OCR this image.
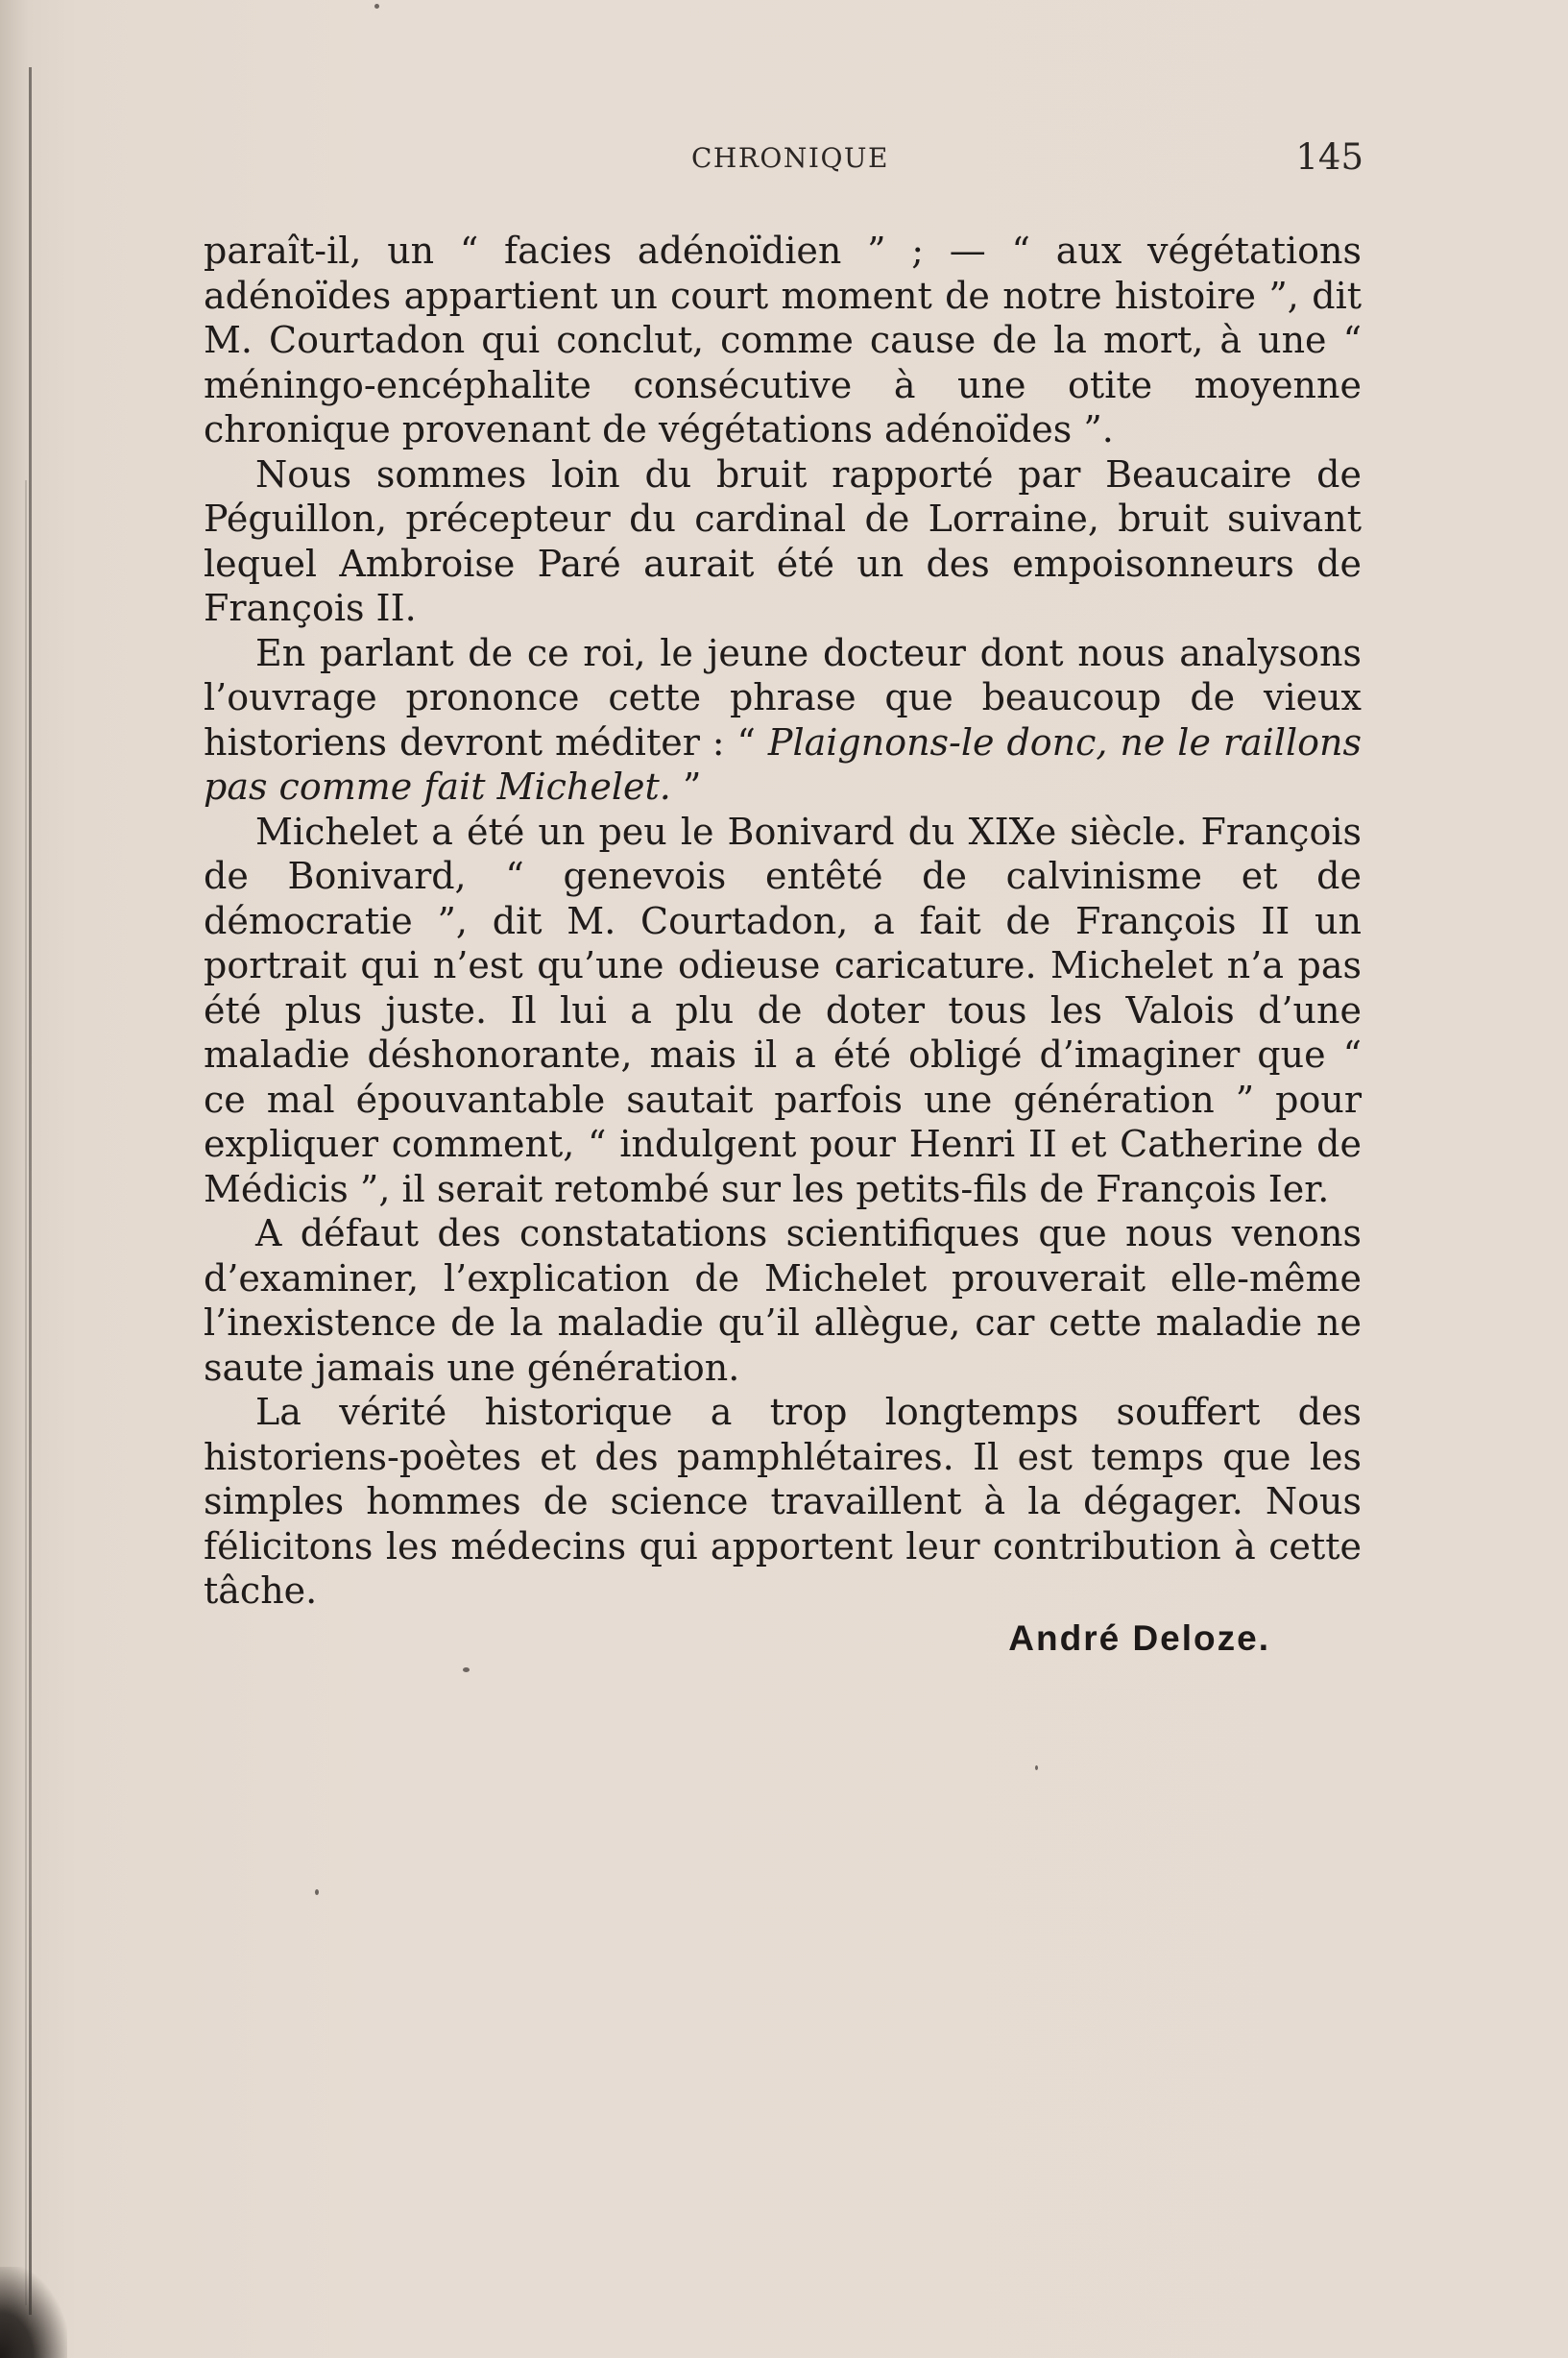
CHRONIQUE	145

paraît-il, un “ facies adénoïdien ” ; — “ aux végétations adénoïdes appartient un court moment de notre histoire ”, dit M. Courtadon qui conclut, comme cause de la mort, à une “ méningo-encéphalite consécutive à une otite moyenne chronique provenant de végétations adénoïdes ”.

Nous sommes loin du bruit rapporté par Beaucaire de Péguillon, précepteur du cardinal de Lorraine, bruit suivant lequel Ambroise Paré aurait été un des empoisonneurs de François II.

En parlant de ce roi, le jeune docteur dont nous analysons l’ouvrage prononce cette phrase que beaucoup de vieux historiens devront méditer : “ Plaignons-le donc, ne le raillons pas comme fait Michelet. ”

Michelet a été un peu le Bonivard du XIXe siècle. François de Bonivard, “ genevois entêté de calvinisme et de démocratie ”, dit M. Courtadon, a fait de François II un portrait qui n’est qu’une odieuse caricature. Michelet n’a pas été plus juste. Il lui a plu de doter tous les Valois d’une maladie déshonorante, mais il a été obligé d’imaginer que “ ce mal épouvantable sautait parfois une génération ” pour expliquer comment, “ indulgent pour Henri II et Catherine de Médicis ”, il serait retombé sur les petits-fils de François Ier.

A défaut des constatations scientifiques que nous venons d’examiner, l’explication de Michelet prouverait elle-même l’inexistence de la maladie qu’il allègue, car cette maladie ne saute jamais une génération.

La vérité historique a trop longtemps souffert des historiens-poètes et des pamphlétaires. Il est temps que les simples hommes de science travaillent à la dégager. Nous félicitons les médecins qui apportent leur contribution à cette tâche.

André Deloze.
